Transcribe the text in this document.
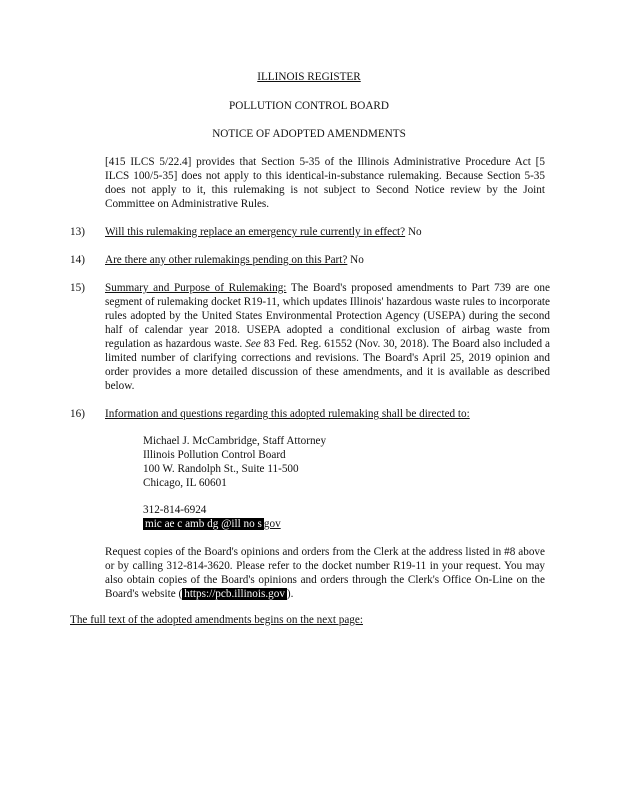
ILLINOIS REGISTER
POLLUTION CONTROL BOARD
NOTICE OF ADOPTED AMENDMENTS
[415 ILCS 5/22.4] provides that Section 5-35 of the Illinois Administrative Procedure Act [5 ILCS 100/5-35] does not apply to this identical-in-substance rulemaking. Because Section 5-35 does not apply to it, this rulemaking is not subject to Second Notice review by the Joint Committee on Administrative Rules.
13)	Will this rulemaking replace an emergency rule currently in effect? No
14)	Are there any other rulemakings pending on this Part? No
15)	Summary and Purpose of Rulemaking: The Board's proposed amendments to Part 739 are one segment of rulemaking docket R19-11, which updates Illinois' hazardous waste rules to incorporate rules adopted by the United States Environmental Protection Agency (USEPA) during the second half of calendar year 2018. USEPA adopted a conditional exclusion of airbag waste from regulation as hazardous waste. See 83 Fed. Reg. 61552 (Nov. 30, 2018). The Board also included a limited number of clarifying corrections and revisions. The Board's April 25, 2019 opinion and order provides a more detailed discussion of these amendments, and it is available as described below.
16)	Information and questions regarding this adopted rulemaking shall be directed to:
Michael J. McCambridge, Staff Attorney
Illinois Pollution Control Board
100 W. Randolph St., Suite 11-500
Chicago, IL 60601
312-814-6924
mic ae c amb dg @ill no s gov
Request copies of the Board's opinions and orders from the Clerk at the address listed in #8 above or by calling 312-814-3620. Please refer to the docket number R19-11 in your request. You may also obtain copies of the Board's opinions and orders through the Clerk's Office On-Line on the Board's website ( https://pcb.illinois.gov ).
The full text of the adopted amendments begins on the next page:
